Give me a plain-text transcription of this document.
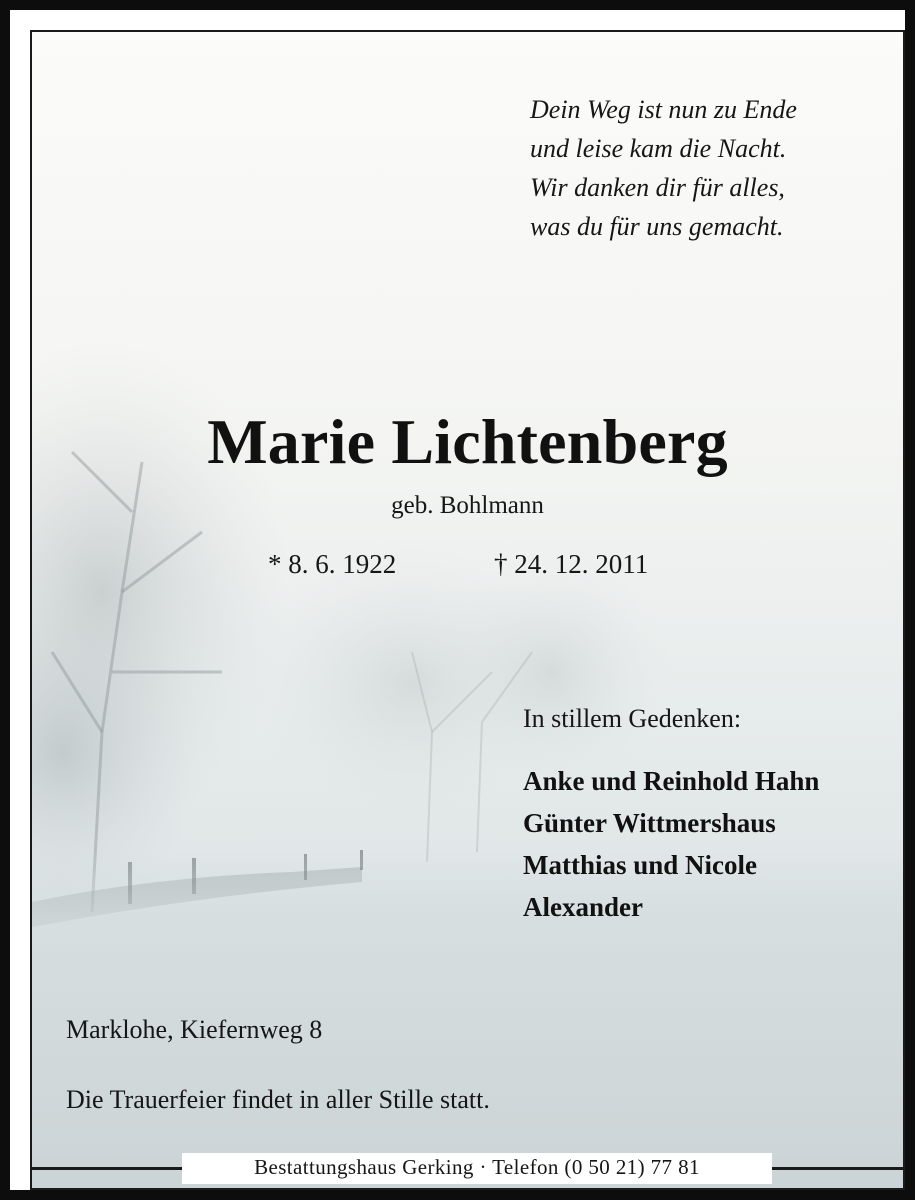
Dein Weg ist nun zu Ende
und leise kam die Nacht.
Wir danken dir für alles,
was du für uns gemacht.
Marie Lichtenberg
geb. Bohlmann
* 8. 6. 1922	† 24. 12. 2011
In stillem Gedenken:
Anke und Reinhold Hahn
Günter Wittmershaus
Matthias und Nicole
Alexander
Marklohe, Kiefernweg 8
Die Trauerfeier findet in aller Stille statt.
Bestattungshaus Gerking · Telefon (0 50 21) 77 81
